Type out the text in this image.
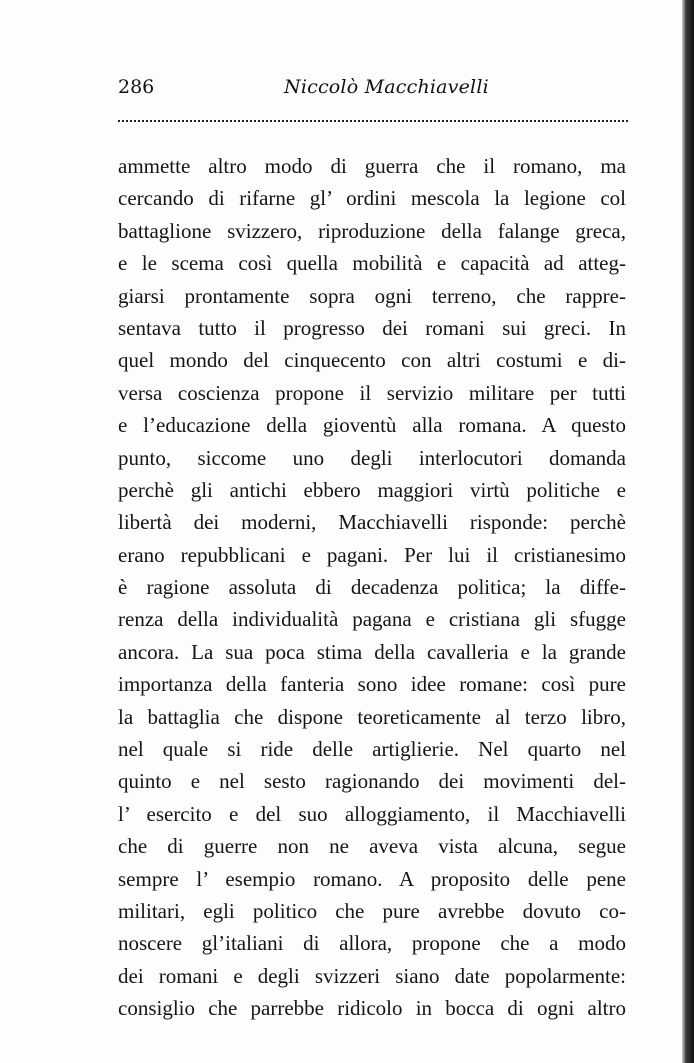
286	Niccolò Macchiavelli
ammette altro modo di guerra che il romano, ma
cercando di rifarne gl’ ordini mescola la legione col
battaglione svizzero, riproduzione della falange greca,
e le scema così quella mobilità e capacità ad atteg-
giarsi prontamente sopra ogni terreno, che rappre-
sentava tutto il progresso dei romani sui greci. In
quel mondo del cinquecento con altri costumi e di-
versa coscienza propone il servizio militare per tutti
e l’educazione della gioventù alla romana. A questo
punto, siccome uno degli interlocutori domanda
perchè gli antichi ebbero maggiori virtù politiche e
libertà dei moderni, Macchiavelli risponde: perchè
erano repubblicani e pagani. Per lui il cristianesimo
è ragione assoluta di decadenza politica; la diffe-
renza della individualità pagana e cristiana gli sfugge
ancora. La sua poca stima della cavalleria e la grande
importanza della fanteria sono idee romane: così pure
la battaglia che dispone teoreticamente al terzo libro,
nel quale si ride delle artiglierie. Nel quarto nel
quinto e nel sesto ragionando dei movimenti del-
l’ esercito e del suo alloggiamento, il Macchiavelli
che di guerre non ne aveva vista alcuna, segue
sempre l’ esempio romano. A proposito delle pene
militari, egli politico che pure avrebbe dovuto co-
noscere gl’italiani di allora, propone che a modo
dei romani e degli svizzeri siano date popolarmente:
consiglio che parrebbe ridicolo in bocca di ogni altro
